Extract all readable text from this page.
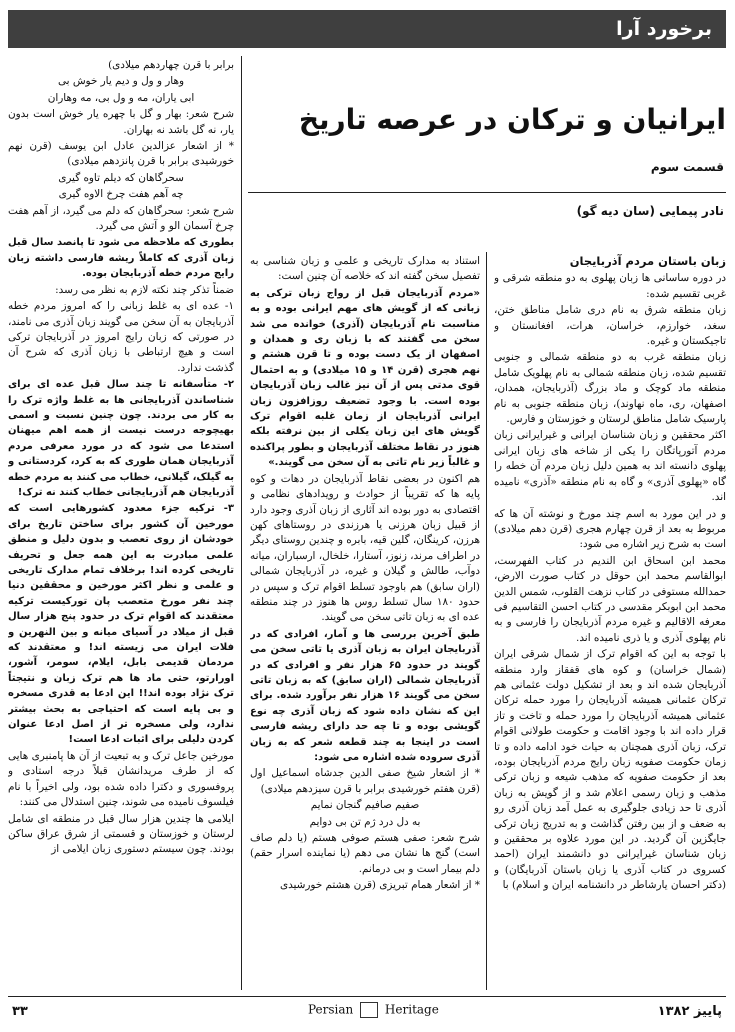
برخورد آرا
ایرانیان و ترکان در عرصه تاریخ
قسمت سوم
نادر پیمایی (سان دیه گو)
زبان باستان مردم آذربایجان

در دوره ساسانی ها زبان پهلوی به دو منطقه شرقی و غربی تقسیم شده:

زبان منطقه شرق به نام دری شامل مناطق ختن، سغد، خوارزم، خراسان، هرات، افغانستان و تاجیکستان و غیره.

زبان منطقه غرب به دو منطقه شمالی و جنوبی تقسیم شده، زبان منطقه شمالی به نام پهلویک شامل منطقه ماد کوچک و ماد بزرگ (آذربایجان، همدان، اصفهان، ری، ماه نهاوند)، زبان منطقه جنوبی به نام پارسیک شامل مناطق لرستان و خوزستان و فارس.

اکثر محققین و زبان شناسان ایرانی و غیرایرانی زبان مردم آتورپاتگان را یکی از شاخه های زبان ایرانی پهلوی دانسته اند به همین دلیل زبان مردم آن خطه را گاه «پهلوی آذری» و گاه به نام منطقه «آذری» نامیده اند.

و در این مورد به اسم چند مورخ و نوشته آن ها که مربوط به بعد از قرن چهارم هجری (قرن دهم میلادی) است به شرح زیر اشاره می شود:

محمد ابن اسحاق ابن الندیم در کتاب الفهرست، ابوالقاسم محمد ابن حوقل در کتاب صورت الارض، حمدالله مستوفی در کتاب نزهت القلوب، شمس الدین محمد ابن ابوبکر مقدسی در کتاب احسن التقاسیم فی معرفه الاقالیم و غیره مردم آذربایجان را فارسی و به نام پهلوی آذری و یا ذری نامیده اند.

با توجه به این که اقوام ترک از شمال شرقی ایران (شمال خراسان) و کوه های قفقاز وارد منطقه آذربایجان شده اند و بعد از تشکیل دولت عثمانی هم ترکان عثمانی همیشه آذربایجان را مورد حمله ترکان عثمانی همیشه آذربایجان را مورد حمله و تاخت و تاز قرار داده اند با وجود اقامت و حکومت طولانی اقوام ترک، زبان آذری همچنان به حیات خود ادامه داده و تا زمان حکومت صفویه زبان رایج مردم آذربایجان بوده، بعد از حکومت صفویه که مذهب شیعه و زبان ترکی مذهب و زبان رسمی اعلام شد و از گویش به زبان آذری تا حد زیادی جلوگیری به عمل آمد زبان آذری رو به ضعف و از بین رفتن گذاشت و به تدریج زبان ترکی جایگزین آن گردید. در این مورد علاوه بر محققین و زبان شناسان غیرایرانی دو دانشمند ایران (احمد کسروی در کتاب آذری یا زبان باستان آذربایگان) و (دکتر احسان یارشاطر در دانشنامه ایران و اسلام) با

استناد به مدارک تاریخی و علمی و زبان شناسی به تفصیل سخن گفته اند که خلاصه آن چنین است:

«مردم آذربایجان قبل از رواج زبان ترکی به زبانی که از گویش های مهم ایرانی بوده و به مناسبت نام آذربایجان (آذری) خوانده می شد سخن می گفتند که با زبان ری و همدان و اصفهان از یک دست بوده و تا قرن هشتم و نهم هجری (قرن ۱۴ و ۱۵ میلادی) و به احتمال قوی مدتی پس از آن نیز غالب زبان آذربایجان بوده است. با وجود تضعیف روزافزون زبان ایرانی آذربایجان از زمان غلبه اقوام ترک گویش های این زبان یکلی از بین نرفته بلکه هنوز در نقاط مختلف آذربایجان و بطور پراکنده و غالباً زیر نام تاتی به آن سخن می گویند.»

هم اکنون در بعضی نقاط آذربایجان در دهات و کوه پایه ها که تقریباً از حوادث و رویدادهای نظامی و اقتصادی به دور بوده اند آثاری از زبان آذری وجود دارد از قبیل زبان هرزنی یا هرزندی در روستاهای کهن هرزن، کرینگان، گلین قیه، بابره و چندین روستای دیگر در اطراف مرند، زنوز، آستارا، خلخال، ارسباران، میانه دوآب، طالش و گیلان و غیره، در آذربایجان شمالی (اران سابق) هم باوجود تسلط اقوام ترک و سپس در حدود ۱۸۰ سال تسلط روس ها هنوز در چند منطقه عده ای به زبان تاتی سخن می گویند.

طبق آخرین بررسی ها و آمار، افرادی که در آذربایجان ایران به زبان آذری یا تاتی سخن می گویند در حدود ۶۵ هزار نفر و افرادی که در آذربایجان شمالی (اران سابق) که به زبان تاتی سخن می گویند ۱۶ هزار نفر برآورد شده. برای این که نشان داده شود که زبان آذری چه نوع گویشی بوده و تا چه حد دارای ریشه فارسی است در اینجا به چند قطعه شعر که به زبان آذری سروده شده اشاره می شود:

* از اشعار شیخ صفی الدین جدشاه اسماعیل اول (قرن هفتم خورشیدی برابر با قرن سیزدهم میلادی)

صفیم صافیم گنجان نمایم

به دل درد ژم تن بی دوایم

شرح شعر: صفی هستم صوفی هستم (یا دلم صاف است) گنج ها نشان می دهم (یا نماینده اسرار حقم) دلم بیمار است و بی درمانم.

* از اشعار همام تبریزی (قرن هشتم خورشیدی

برابر با قرن چهاردهم میلادی)

وهار و ول و دیم یار خوش بی

ابی یاران، مه و ول بی، مه وهاران

شرح شعر: بهار و گل با چهره یار خوش است بدون یار، نه گل باشد نه بهاران.

* از اشعار عزالدین عادل ابن یوسف (قرن نهم خورشیدی برابر با قرن پانزدهم میلادی)

سحرگاهان که دیلم تاوه گیری

چه آهم هفت چرخ الاوه گیری

شرح شعر: سحرگاهان که دلم می گیرد، از آهم هفت چرخ آسمان الو و آتش می گیرد.

بطوری که ملاحظه می شود تا پانصد سال قبل زبان آذری که کاملاً ریشه فارسی داشته زبان رایج مردم خطه آذربایجان بوده.

ضمناً تذکر چند نکته لازم به نظر می رسد:

۱- عده ای به غلط زبانی را که امروز مردم خطه آذربایجان به آن سخن می گویند زبان آذری می نامند، در صورتی که زبان رایج امروز در آذربایجان ترکی است و هیچ ارتباطی با زبان آذری که شرح آن گذشت ندارد.

۲- متأسفانه تا چند سال قبل عده ای برای شناساندن آذربایجانی ها به غلط واژه ترک را به کار می بردند. چون چنین نسبت و اسمی بهیچوجه درست نیست از همه اهم میهنان استدعا می شود که در مورد معرفی مردم آذربایجان همان طوری که به کرد، کردستانی و به گیلک، گیلانی، خطاب می کنند به مردم خطه آذربایجان هم آذربایجانی خطاب کنند نه ترک!

۳- ترکیه جزء معدود کشورهایی است که مورخین آن کشور برای ساختن تاریخ برای خودشان از روی تعصب و بدون دلیل و منطق علمی مبادرت به این همه جعل و تحریف تاریخی کرده اند! برخلاف تمام مدارک تاریخی و علمی و نظر اکثر مورخین و محققین دنیا چند نفر مورخ متعصب پان تورکیست ترکیه معتقدند که اقوام ترک در حدود پنج هزار سال قبل از میلاد در آسیای میانه و بین النهرین و فلات ایران می زیسته اند! و معتقدند که مردمان قدیمی بابل، ایلام، سومر، آشور، اورارتو، حتی ماد ها هم ترک زبان و نتیجتاً ترک نژاد بوده اند!! این ادعا به قدری مسخره و بی پایه است که احتیاجی به بحث بیشتر ندارد، ولی مسخره تر از اصل ادعا عنوان کردن دلیلی برای اثبات ادعا است!

مورخین جاعل ترک و به تبعیت از آن ها پامنبری هایی که از طرف مریدانشان قبلاً درجه استادی و پروفسوری و دکترا داده شده بود، ولی اخیراً با نام فیلسوف نامیده می شوند، چنین استدلال می کنند:

ایلامی ها چندین هزار سال قبل در منطقه ای شامل لرستان و خوزستان و قسمتی از شرق عراق ساکن بودند. چون سیستم دستوری زبان ایلامی از

۳۳	Persian	Heritage	پاییز ۱۳۸۲
